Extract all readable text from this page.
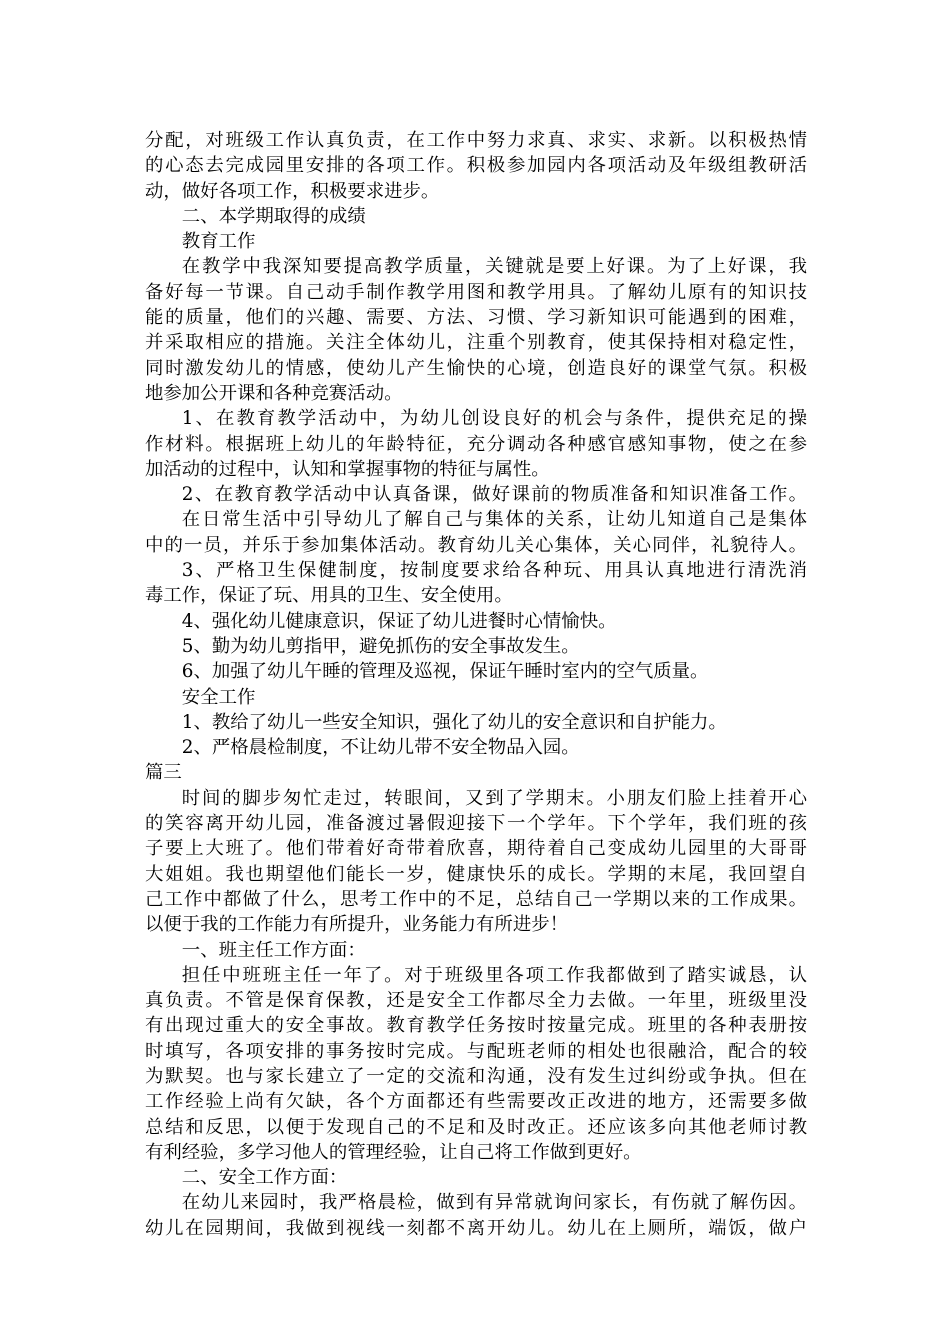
分配，对班级工作认真负责，在工作中努力求真、求实、求新。以积极热情
的心态去完成园里安排的各项工作。积极参加园内各项活动及年级组教研活
动，做好各项工作，积极要求进步。
二、本学期取得的成绩
教育工作
在教学中我深知要提高教学质量，关键就是要上好课。为了上好课，我
备好每一节课。自己动手制作教学用图和教学用具。了解幼儿原有的知识技
能的质量，他们的兴趣、需要、方法、习惯、学习新知识可能遇到的困难，
并采取相应的措施。关注全体幼儿，注重个别教育，使其保持相对稳定性，
同时激发幼儿的情感，使幼儿产生愉快的心境，创造良好的课堂气氛。积极
地参加公开课和各种竞赛活动。
1、在教育教学活动中，为幼儿创设良好的机会与条件，提供充足的操
作材料。根据班上幼儿的年龄特征，充分调动各种感官感知事物，使之在参
加活动的过程中，认知和掌握事物的特征与属性。
2、在教育教学活动中认真备课，做好课前的物质准备和知识准备工作。
在日常生活中引导幼儿了解自己与集体的关系，让幼儿知道自己是集体
中的一员，并乐于参加集体活动。教育幼儿关心集体，关心同伴，礼貌待人。
3、严格卫生保健制度，按制度要求给各种玩、用具认真地进行清洗消
毒工作，保证了玩、用具的卫生、安全使用。
4、强化幼儿健康意识，保证了幼儿进餐时心情愉快。
5、勤为幼儿剪指甲，避免抓伤的安全事故发生。
6、加强了幼儿午睡的管理及巡视，保证午睡时室内的空气质量。
安全工作
1、教给了幼儿一些安全知识，强化了幼儿的安全意识和自护能力。
2、严格晨检制度，不让幼儿带不安全物品入园。
篇三
时间的脚步匆忙走过，转眼间，又到了学期末。小朋友们脸上挂着开心
的笑容离开幼儿园，准备渡过暑假迎接下一个学年。下个学年，我们班的孩
子要上大班了。他们带着好奇带着欣喜，期待着自己变成幼儿园里的大哥哥
大姐姐。我也期望他们能长一岁，健康快乐的成长。学期的末尾，我回望自
己工作中都做了什么，思考工作中的不足，总结自己一学期以来的工作成果。
以便于我的工作能力有所提升，业务能力有所进步！
一、班主任工作方面：
担任中班班主任一年了。对于班级里各项工作我都做到了踏实诚恳，认
真负责。不管是保育保教，还是安全工作都尽全力去做。一年里，班级里没
有出现过重大的安全事故。教育教学任务按时按量完成。班里的各种表册按
时填写，各项安排的事务按时完成。与配班老师的相处也很融洽，配合的较
为默契。也与家长建立了一定的交流和沟通，没有发生过纠纷或争执。但在
工作经验上尚有欠缺，各个方面都还有些需要改正改进的地方，还需要多做
总结和反思，以便于发现自己的不足和及时改正。还应该多向其他老师讨教
有利经验，多学习他人的管理经验，让自己将工作做到更好。
二、安全工作方面：
在幼儿来园时，我严格晨检，做到有异常就询问家长，有伤就了解伤因。
幼儿在园期间，我做到视线一刻都不离开幼儿。幼儿在上厕所，端饭，做户
